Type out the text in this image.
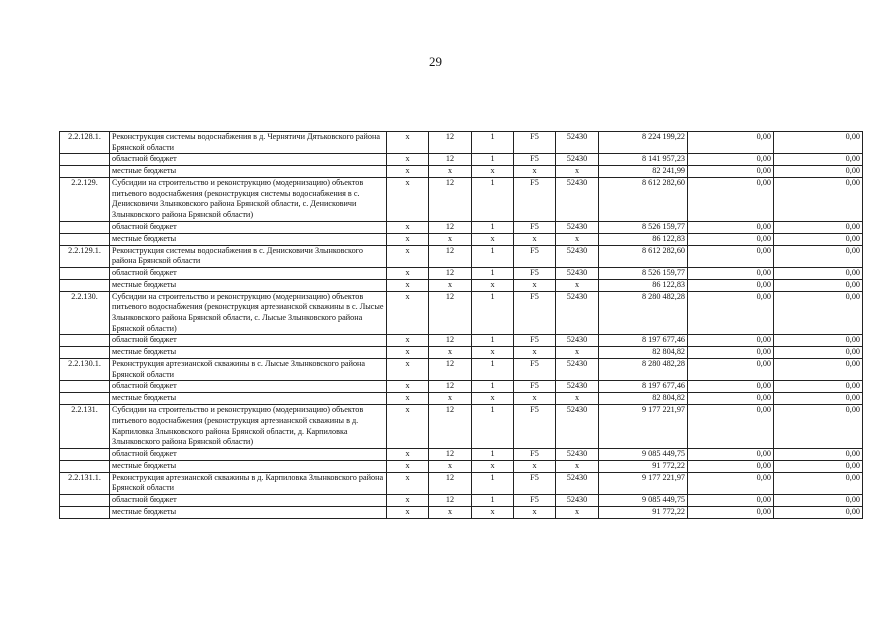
29
2.2.128.1.	Реконструкция системы водоснабжения в д. Чернятичи Дятьковского района Брянской области	х	12	1	F5	52430	8 224 199,22	0,00	0,00
	областной бюджет	х	12	1	F5	52430	8 141 957,23	0,00	0,00
	местные бюджеты	х	х	х	х	х	82 241,99	0,00	0,00
2.2.129.	Субсидии на строительство и реконструкцию (модернизацию) объектов питьевого водоснабжения (реконструкция системы водоснабжения в с. Денисковичи Злынковского района Брянской области, с. Денисковичи Злынковского района Брянской области)	х	12	1	F5	52430	8 612 282,60	0,00	0,00
	областной бюджет	х	12	1	F5	52430	8 526 159,77	0,00	0,00
	местные бюджеты	х	х	х	х	х	86 122,83	0,00	0,00
2.2.129.1.	Реконструкция системы водоснабжения в с. Денисковичи Злынковского района Брянской области	х	12	1	F5	52430	8 612 282,60	0,00	0,00
	областной бюджет	х	12	1	F5	52430	8 526 159,77	0,00	0,00
	местные бюджеты	х	х	х	х	х	86 122,83	0,00	0,00
2.2.130.	Субсидии на строительство и реконструкцию (модернизацию) объектов питьевого водоснабжения (реконструкция артезианской скважины в с. Лысые Злынковского района Брянской области, с. Лысые Злынковского района Брянской области)	х	12	1	F5	52430	8 280 482,28	0,00	0,00
	областной бюджет	х	12	1	F5	52430	8 197 677,46	0,00	0,00
	местные бюджеты	х	х	х	х	х	82 804,82	0,00	0,00
2.2.130.1.	Реконструкция артезианской скважины в с. Лысые Злынковского района Брянской области	х	12	1	F5	52430	8 280 482,28	0,00	0,00
	областной бюджет	х	12	1	F5	52430	8 197 677,46	0,00	0,00
	местные бюджеты	х	х	х	х	х	82 804,82	0,00	0,00
2.2.131.	Субсидии на строительство и реконструкцию (модернизацию) объектов питьевого водоснабжения (реконструкция артезианской скважины в д. Карпиловка Злынковского района Брянской области, д. Карпиловка Злынковского района Брянской области)	х	12	1	F5	52430	9 177 221,97	0,00	0,00
	областной бюджет	х	12	1	F5	52430	9 085 449,75	0,00	0,00
	местные бюджеты	х	х	х	х	х	91 772,22	0,00	0,00
2.2.131.1.	Реконструкция артезианской скважины в д. Карпиловка Злынковского района Брянской области	х	12	1	F5	52430	9 177 221,97	0,00	0,00
	областной бюджет	х	12	1	F5	52430	9 085 449,75	0,00	0,00
	местные бюджеты	х	х	х	х	х	91 772,22	0,00	0,00
